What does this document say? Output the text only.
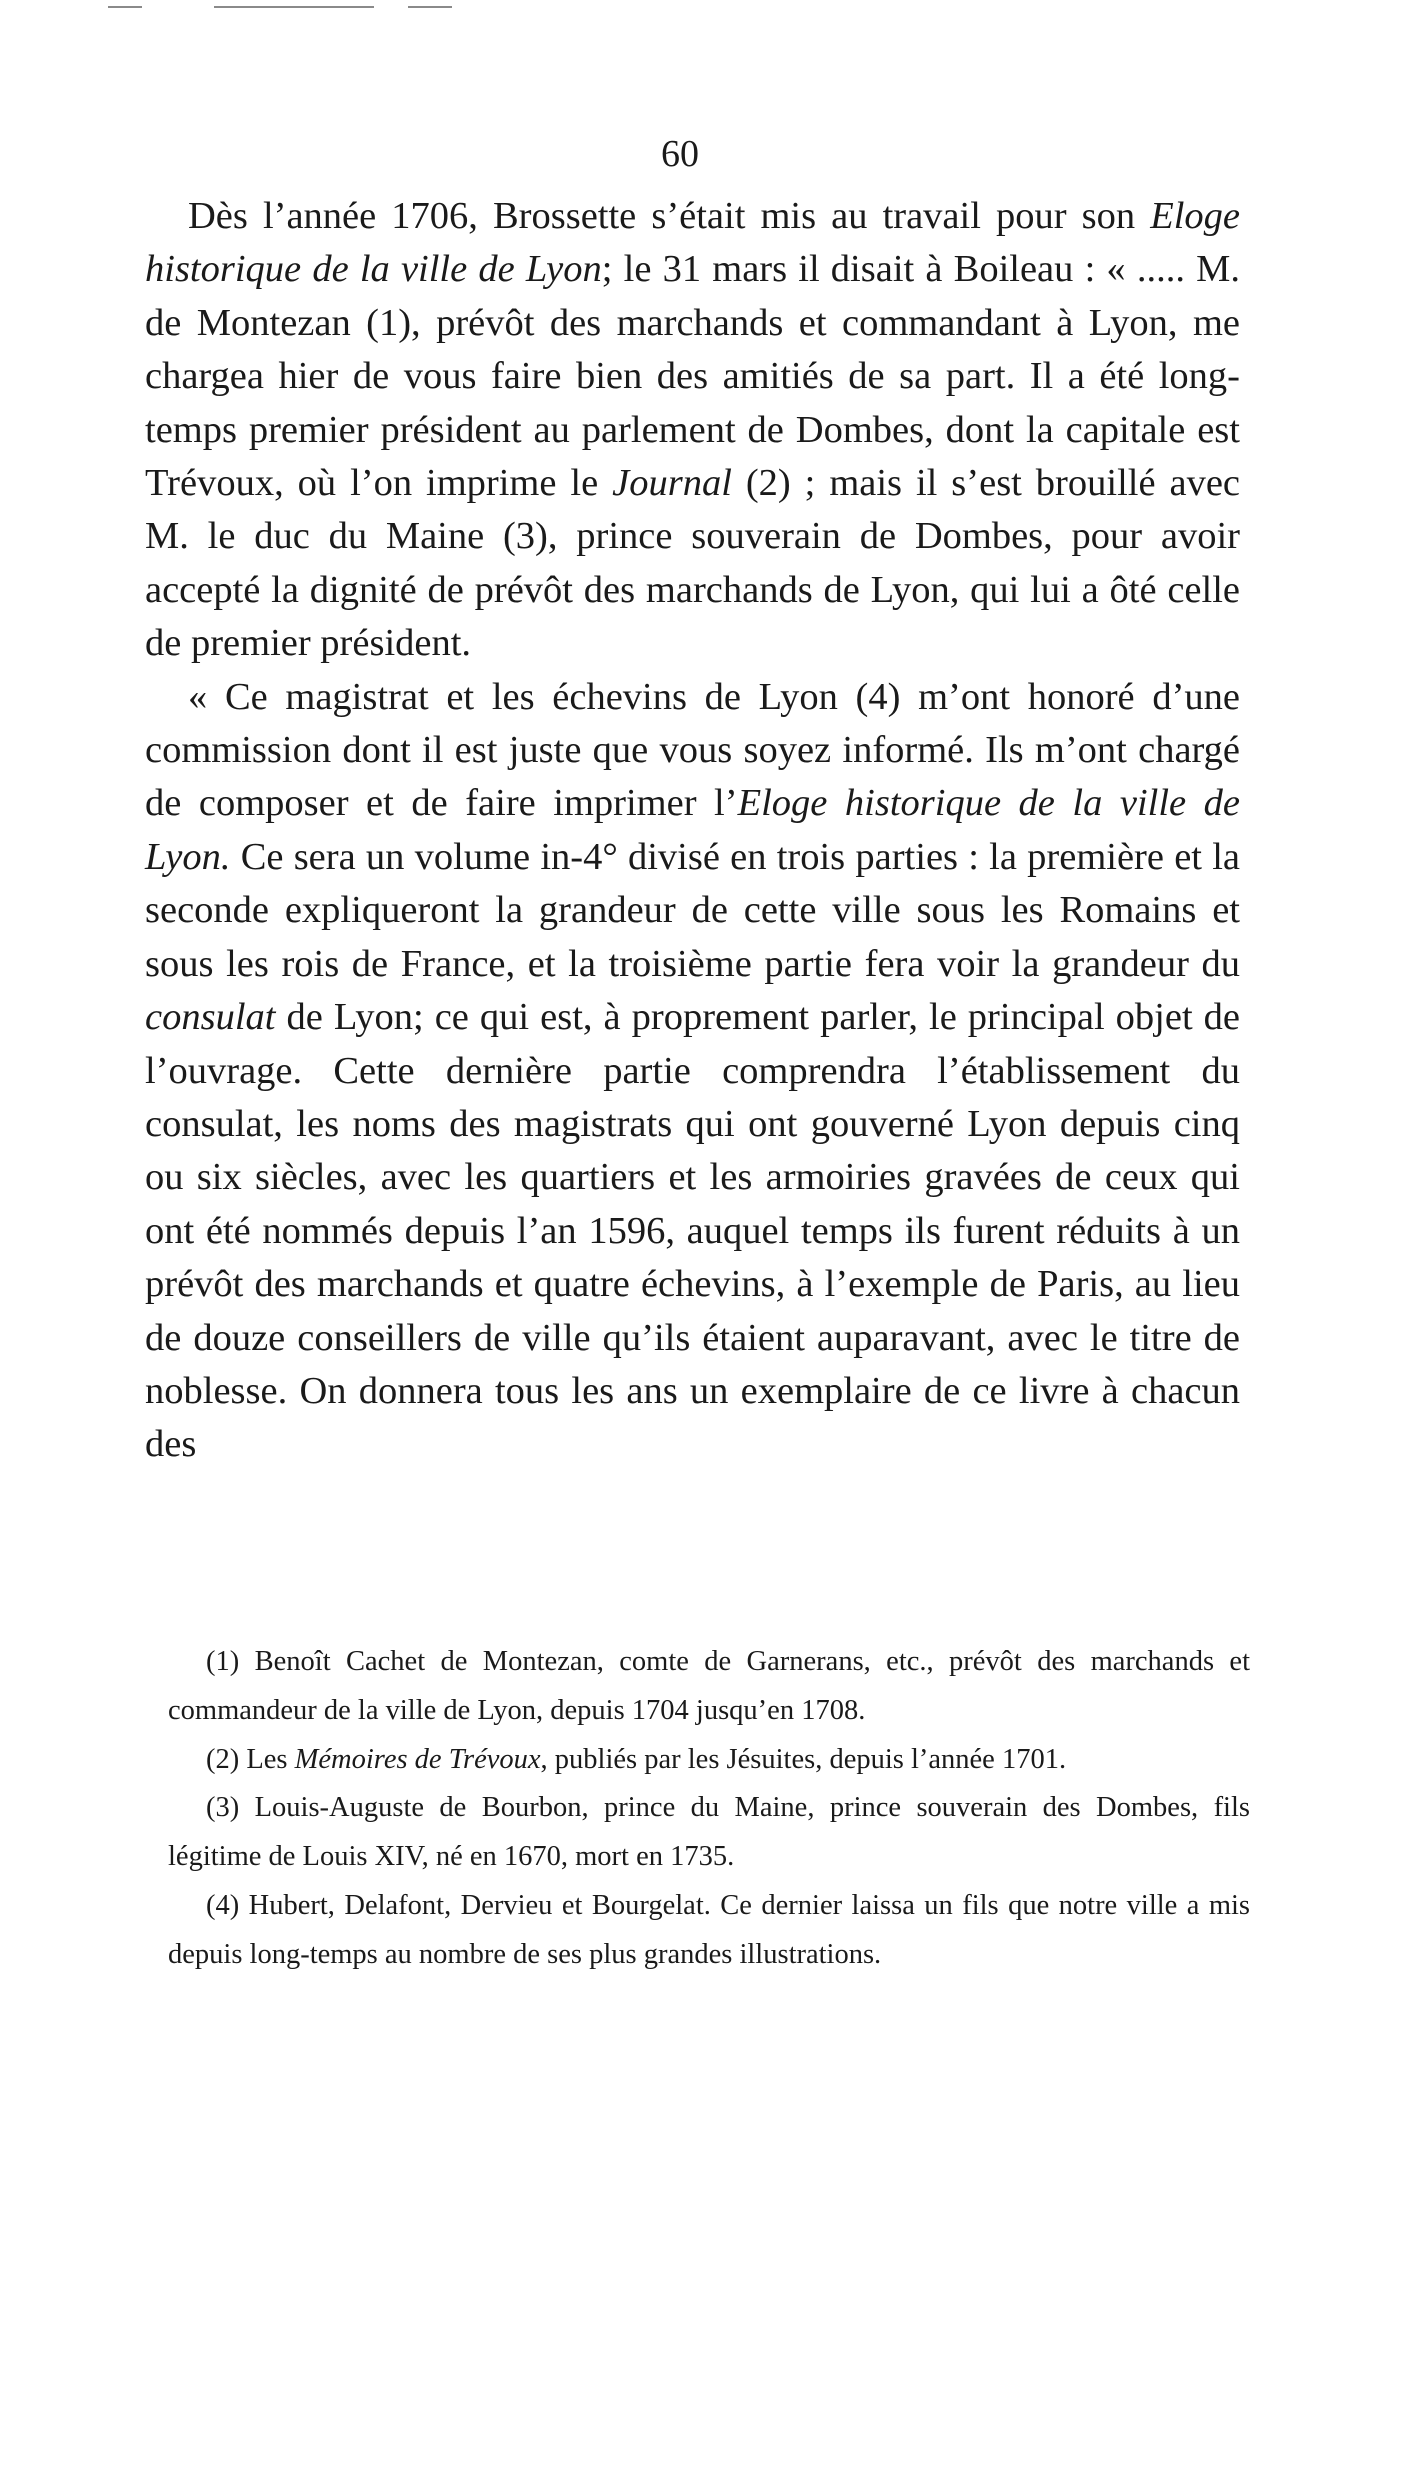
60

Dès l’année 1706, Brossette s’était mis au travail pour son Eloge historique de la ville de Lyon; le 31 mars il disait à Boileau : « ..... M. de Montezan (1), prévôt des marchands et commandant à Lyon, me chargea hier de vous faire bien des amitiés de sa part. Il a été long-temps premier président au parlement de Dombes, dont la capitale est Trévoux, où l’on imprime le Journal (2) ; mais il s’est brouillé avec M. le duc du Maine (3), prince souverain de Dombes, pour avoir accepté la dignité de prévôt des marchands de Lyon, qui lui a ôté celle de premier président.

« Ce magistrat et les échevins de Lyon (4) m’ont honoré d’une commission dont il est juste que vous soyez informé. Ils m’ont chargé de composer et de faire imprimer l’Eloge historique de la ville de Lyon. Ce sera un volume in-4° divisé en trois parties : la première et la seconde expliqueront la grandeur de cette ville sous les Romains et sous les rois de France, et la troisième partie fera voir la grandeur du consulat de Lyon; ce qui est, à proprement parler, le principal objet de l’ouvrage. Cette dernière partie comprendra l’établissement du consulat, les noms des magistrats qui ont gouverné Lyon depuis cinq ou six siècles, avec les quartiers et les armoiries gravées de ceux qui ont été nommés depuis l’an 1596, auquel temps ils furent réduits à un prévôt des marchands et quatre échevins, à l’exemple de Paris, au lieu de douze conseillers de ville qu’ils étaient auparavant, avec le titre de noblesse. On donnera tous les ans un exemplaire de ce livre à chacun des

(1) Benoît Cachet de Montezan, comte de Garnerans, etc., prévôt des marchands et commandeur de la ville de Lyon, depuis 1704 jusqu’en 1708.

(2) Les Mémoires de Trévoux, publiés par les Jésuites, depuis l’année 1701.

(3) Louis-Auguste de Bourbon, prince du Maine, prince souverain des Dombes, fils légitime de Louis XIV, né en 1670, mort en 1735.

(4) Hubert, Delafont, Dervieu et Bourgelat. Ce dernier laissa un fils que notre ville a mis depuis long-temps au nombre de ses plus grandes illustrations.
